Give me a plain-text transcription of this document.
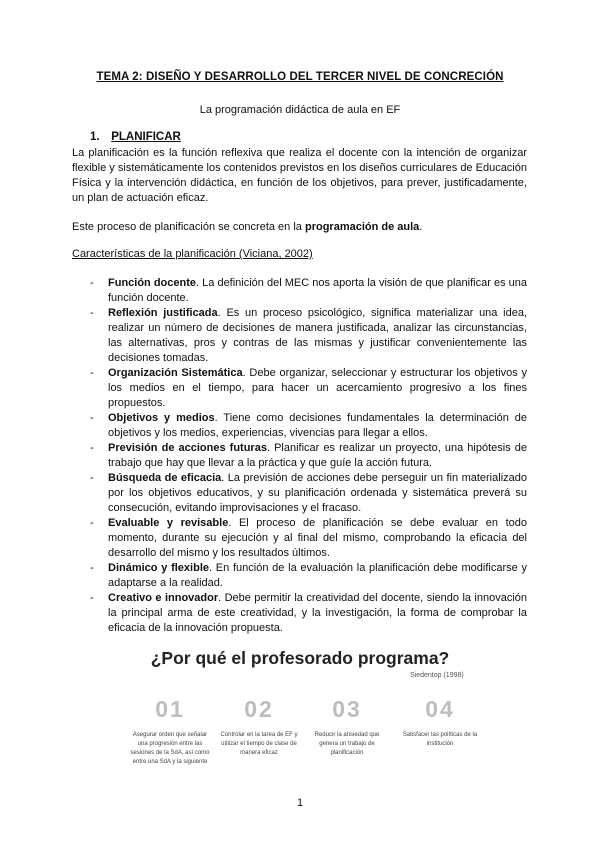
TEMA 2: DISEÑO Y DESARROLLO DEL TERCER NIVEL DE CONCRECIÓN
La programación didáctica de aula en EF
1. PLANIFICAR
La planificación es la función reflexiva que realiza el docente con la intención de organizar flexible y sistemáticamente los contenidos previstos en los diseños curriculares de Educación Física y la intervención didáctica, en función de los objetivos, para prever, justificadamente, un plan de actuación eficaz.
Este proceso de planificación se concreta en la programación de aula.
Características de la planificación (Viciana, 2002)
- Función docente. La definición del MEC nos aporta la visión de que planificar es una función docente.
- Reflexión justificada. Es un proceso psicológico, significa materializar una idea, realizar un número de decisiones de manera justificada, analizar las circunstancias, las alternativas, pros y contras de las mismas y justificar convenientemente las decisiones tomadas.
- Organización Sistemática. Debe organizar, seleccionar y estructurar los objetivos y los medios en el tiempo, para hacer un acercamiento progresivo a los fines propuestos.
- Objetivos y medios. Tiene como decisiones fundamentales la determinación de objetivos y los medios, experiencias, vivencias para llegar a ellos.
- Previsión de acciones futuras. Planificar es realizar un proyecto, una hipótesis de trabajo que hay que llevar a la práctica y que guíe la acción futura.
- Búsqueda de eficacia. La previsión de acciones debe perseguir un fin materializado por los objetivos educativos, y su planificación ordenada y sistemática preverá su consecución, evitando improvisaciones y el fracaso.
- Evaluable y revisable. El proceso de planificación se debe evaluar en todo momento, durante su ejecución y al final del mismo, comprobando la eficacia del desarrollo del mismo y los resultados últimos.
- Dinámico y flexible. En función de la evaluación la planificación debe modificarse y adaptarse a la realidad.
- Creativo e innovador. Debe permitir la creatividad del docente, siendo la innovación la principal arma de este creatividad, y la investigación, la forma de comprobar la eficacia de la innovación propuesta.
¿Por qué el profesorado programa?
Siedentop (1998)
01
Asegurar orden que señalar una progresión entre las sesiones de la SdA, así como entre una SdA y la siguiente
02
Controlar en la tarea de EF y utilizar el tiempo de clase de manera eficaz
03
Reducir la ansiedad que genera un trabajo de planificación
04
Satisfacer las políticas de la institución
1
